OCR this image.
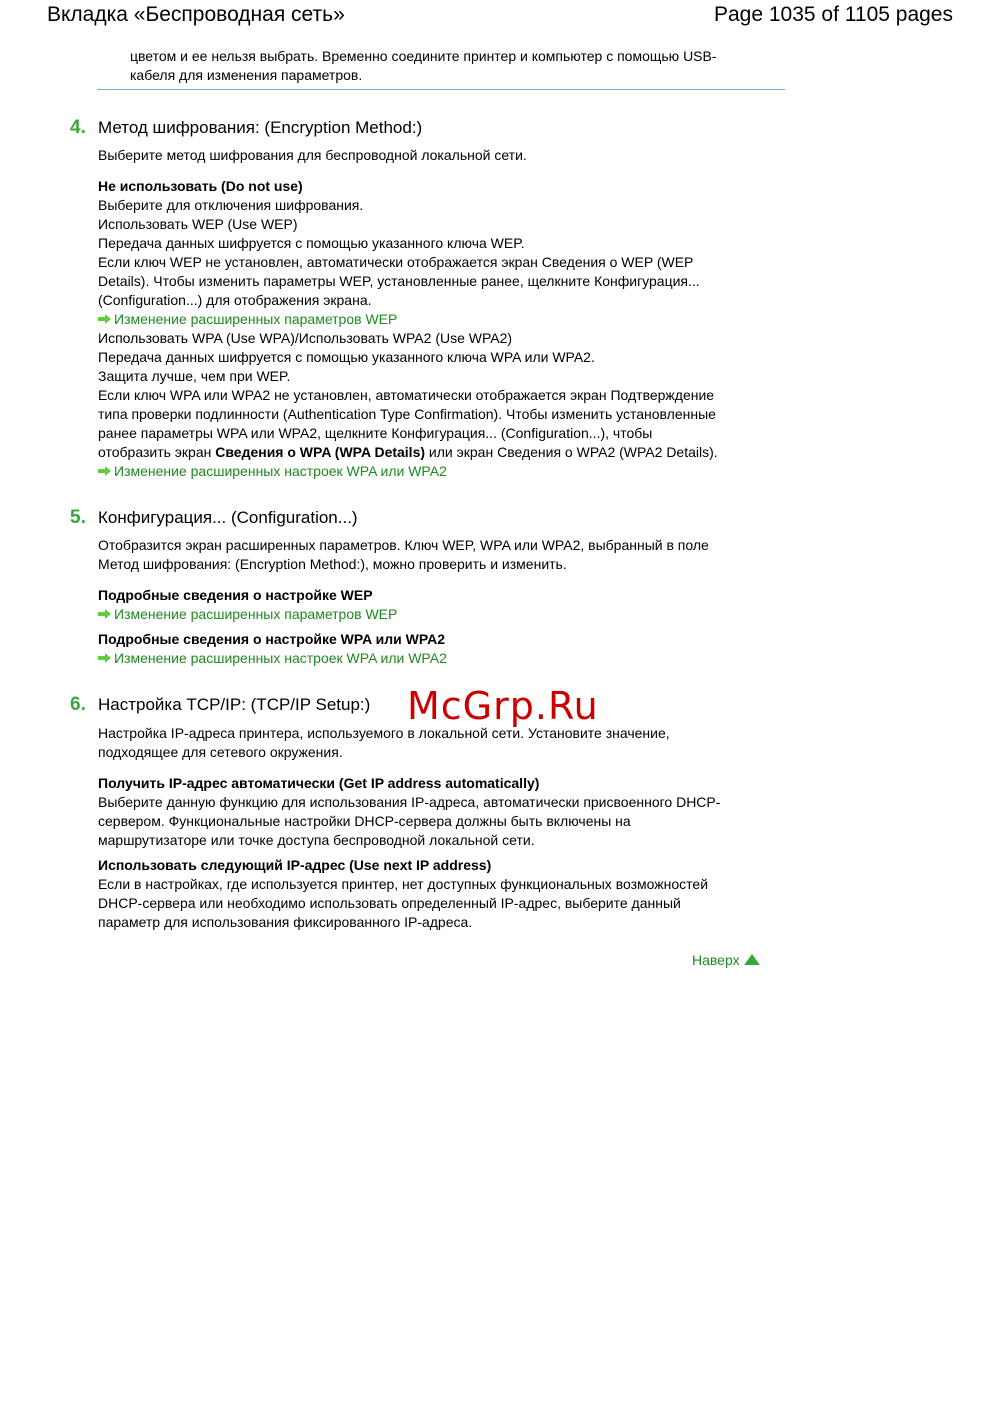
Вкладка «Беспроводная сеть»	Page 1035 of 1105 pages
цветом и ее нельзя выбрать. Временно соедините принтер и компьютер с помощью USB-
кабеля для изменения параметров.
4. Метод шифрования: (Encryption Method:)
Выберите метод шифрования для беспроводной локальной сети.
Не использовать (Do not use)
Выберите для отключения шифрования.
Использовать WEP (Use WEP)
Передача данных шифруется с помощью указанного ключа WEP.
Если ключ WEP не установлен, автоматически отображается экран Сведения о WEP (WEP
Details). Чтобы изменить параметры WEP, установленные ранее, щелкните Конфигурация...
(Configuration...) для отображения экрана.
Изменение расширенных параметров WEP
Использовать WPA (Use WPA)/Использовать WPA2 (Use WPA2)
Передача данных шифруется с помощью указанного ключа WPA или WPA2.
Защита лучше, чем при WEP.
Если ключ WPA или WPA2 не установлен, автоматически отображается экран Подтверждение
типа проверки подлинности (Authentication Type Confirmation). Чтобы изменить установленные
ранее параметры WPA или WPA2, щелкните Конфигурация... (Configuration...), чтобы
отобразить экран Сведения о WPA (WPA Details) или экран Сведения о WPA2 (WPA2 Details).
Изменение расширенных настроек WPA или WPA2
5. Конфигурация... (Configuration...)
Отобразится экран расширенных параметров. Ключ WEP, WPA или WPA2, выбранный в поле
Метод шифрования: (Encryption Method:), можно проверить и изменить.
Подробные сведения о настройке WEP
Изменение расширенных параметров WEP
Подробные сведения о настройке WPA или WPA2
Изменение расширенных настроек WPA или WPA2
6. Настройка TCP/IP: (TCP/IP Setup:) McGrp.Ru
Настройка IP-адреса принтера, используемого в локальной сети. Установите значение,
подходящее для сетевого окружения.
Получить IP-адрес автоматически (Get IP address automatically)
Выберите данную функцию для использования IP-адреса, автоматически присвоенного DHCP-
сервером. Функциональные настройки DHCP-сервера должны быть включены на
маршрутизаторе или точке доступа беспроводной локальной сети.
Использовать следующий IP-адрес (Use next IP address)
Если в настройках, где используется принтер, нет доступных функциональных возможностей
DHCP-сервера или необходимо использовать определенный IP-адрес, выберите данный
параметр для использования фиксированного IP-адреса.
Наверх
